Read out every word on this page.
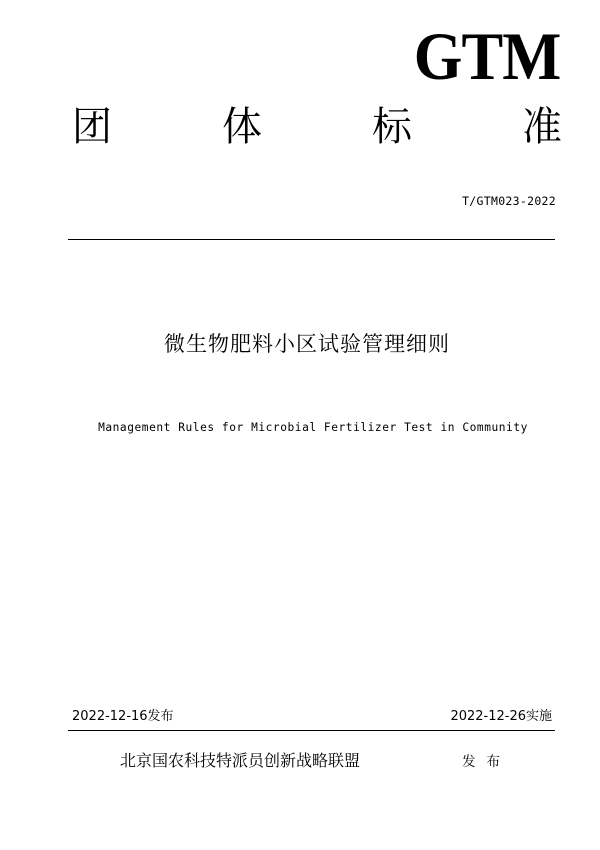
GTM
团	体	标	准
T/GTM023-2022
微生物肥料小区试验管理细则
Management Rules for Microbial Fertilizer Test in Community
2022-12-16发布	2022-12-26实施
北京国农科技特派员创新战略联盟	发布
